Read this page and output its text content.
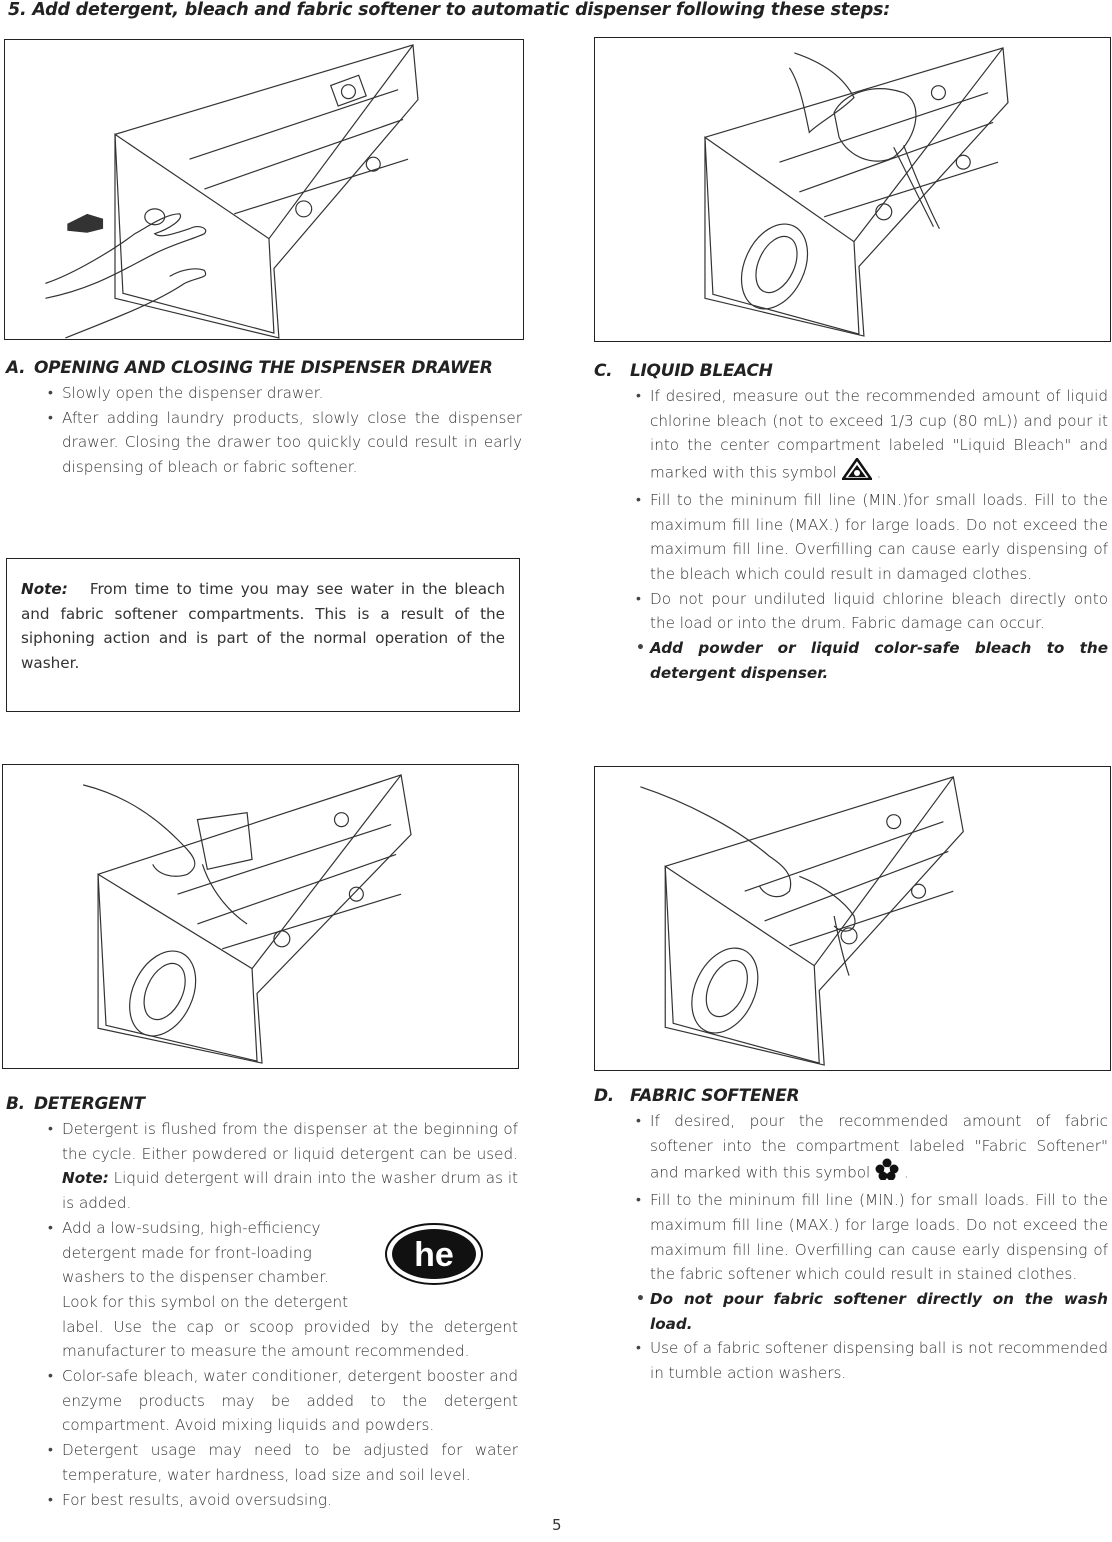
5. Add detergent, bleach and fabric softener to automatic dispenser following these steps:
A. OPENING AND CLOSING THE DISPENSER DRAWER
• Slowly open the dispenser drawer.
• After adding laundry products, slowly close the dispenser drawer. Closing the drawer too quickly could result in early dispensing of bleach or fabric softener.
Note: From time to time you may see water in the bleach and fabric softener compartments. This is a result of the siphoning action and is part of the normal operation of the washer.
C. LIQUID BLEACH
• If desired, measure out the recommended amount of liquid chlorine bleach (not to exceed 1/3 cup (80 mL)) and pour it into the center compartment labeled "Liquid Bleach" and marked with this symbol	.
• Fill to the mininum fill line (MIN.)for small loads. Fill to the maximum fill line (MAX.) for large loads. Do not exceed the maximum fill line. Overfilling can cause early dispensing of the bleach which could result in damaged clothes.
• Do not pour undiluted liquid chlorine bleach directly onto the load or into the drum. Fabric damage can occur.
• Add powder or liquid color-safe bleach to the detergent dispenser.
B. DETERGENT
• Detergent is flushed from the dispenser at the beginning of the cycle. Either powdered or liquid detergent can be used. Note: Liquid detergent will drain into the washer drum as it is added.
• he
Add a low-sudsing, high-efficiency
detergent made for front-loading
washers to the dispenser chamber.
Look for this symbol on the detergent
label. Use the cap or scoop provided by the detergent manufacturer to measure the amount recommended.
• Color-safe bleach, water conditioner, detergent booster and enzyme products may be added to the detergent compartment. Avoid mixing liquids and powders.
• Detergent usage may need to be adjusted for water temperature, water hardness, load size and soil level.
• For best results, avoid oversudsing.
D. FABRIC SOFTENER
• If desired, pour the recommended amount of fabric softener into the compartment labeled "Fabric Softener" and marked with this symbol .
• Fill to the mininum fill line (MIN.) for small loads. Fill to the maximum fill line (MAX.) for large loads. Do not exceed the maximum fill line. Overfilling can cause early dispensing of the fabric softener which could result in stained clothes.
• Do not pour fabric softener directly on the wash load.
• Use of a fabric softener dispensing ball is not recommended in tumble action washers.
5
